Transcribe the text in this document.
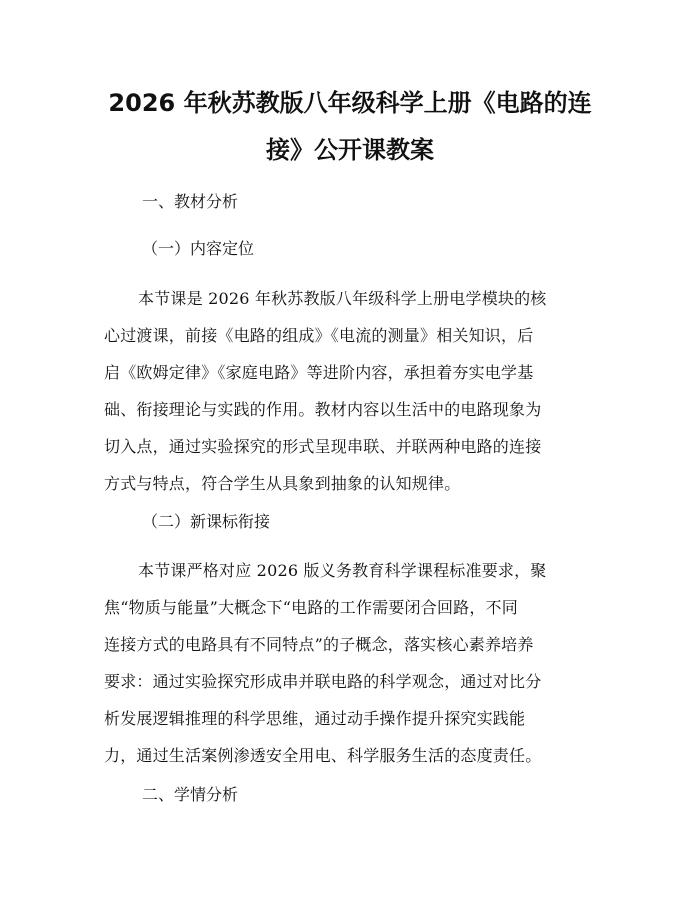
2026 年秋苏教版八年级科学上册《电路的连
接》公开课教案

一、教材分析

（一）内容定位

本节课是 2026 年秋苏教版八年级科学上册电学模块的核
心过渡课，前接《电路的组成》《电流的测量》相关知识，后
启《欧姆定律》《家庭电路》等进阶内容，承担着夯实电学基
础、衔接理论与实践的作用。教材内容以生活中的电路现象为
切入点，通过实验探究的形式呈现串联、并联两种电路的连接
方式与特点，符合学生从具象到抽象的认知规律。

（二）新课标衔接

本节课严格对应 2026 版义务教育科学课程标准要求，聚
焦“物质与能量”大概念下“电路的工作需要闭合回路，不同
连接方式的电路具有不同特点”的子概念，落实核心素养培养
要求：通过实验探究形成串并联电路的科学观念，通过对比分
析发展逻辑推理的科学思维，通过动手操作提升探究实践能
力，通过生活案例渗透安全用电、科学服务生活的态度责任。

二、学情分析
